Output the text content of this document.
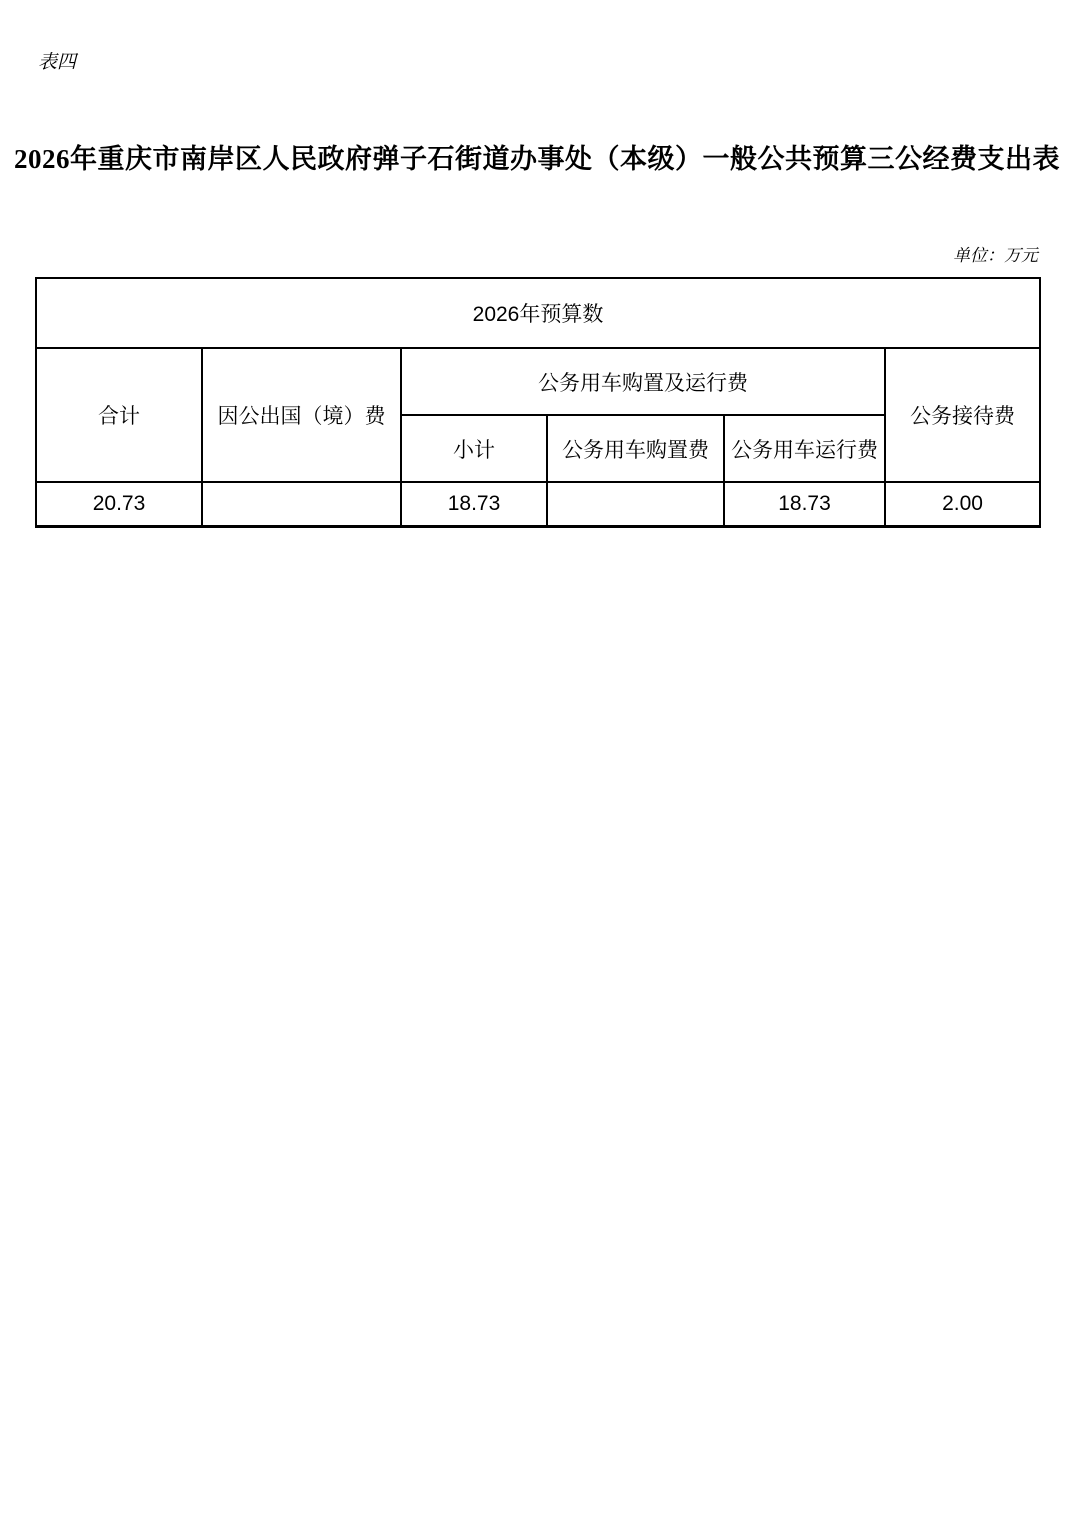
表四
2026年重庆市南岸区人民政府弹子石街道办事处（本级）一般公共预算三公经费支出表
单位：万元
2026年预算数					
合计	因公出国（境）费	公务用车购置及运行费			公务接待费
		小计	公务用车购置费	公务用车运行费	
20.73		18.73		18.73	2.00
